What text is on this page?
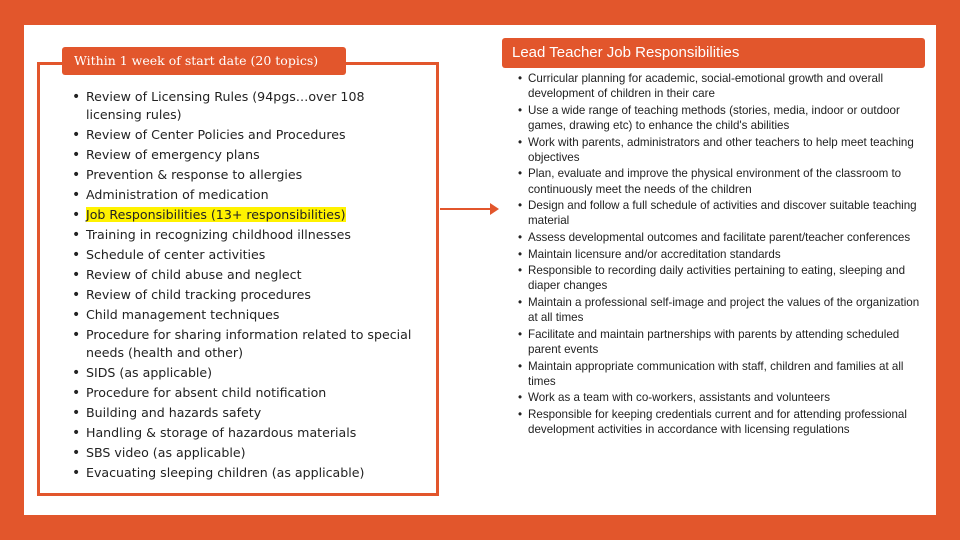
Within 1 week of start date (20 topics)
• Review of Licensing Rules (94pgs…over 108 licensing rules)
• Review of Center Policies and Procedures
• Review of emergency plans
• Prevention & response to allergies
• Administration of medication
• Job Responsibilities (13+ responsibilities)
• Training in recognizing childhood illnesses
• Schedule of center activities
• Review of child abuse and neglect
• Review of child tracking procedures
• Child management techniques
• Procedure for sharing information related to special needs (health and other)
• SIDS (as applicable)
• Procedure for absent child notification
• Building and hazards safety
• Handling & storage of hazardous materials
• SBS video (as applicable)
• Evacuating sleeping children (as applicable)
Lead Teacher Job Responsibilities
• Curricular planning for academic, social-emotional growth and overall development of children in their care
• Use a wide range of teaching methods (stories, media, indoor or outdoor games, drawing etc) to enhance the child's abilities
• Work with parents, administrators and other teachers to help meet teaching objectives
• Plan, evaluate and improve the physical environment of the classroom to continuously meet the needs of the children
• Design and follow a full schedule of activities and discover suitable teaching material
• Assess developmental outcomes and facilitate parent/teacher conferences
• Maintain licensure and/or accreditation standards
• Responsible to recording daily activities pertaining to eating, sleeping and diaper changes
• Maintain a professional self-image and project the values of the organization at all times
• Facilitate and maintain partnerships with parents by attending scheduled parent events
• Maintain appropriate communication with staff, children and families at all times
• Work as a team with co-workers, assistants and volunteers
• Responsible for keeping credentials current and for attending professional development activities in accordance with licensing regulations
